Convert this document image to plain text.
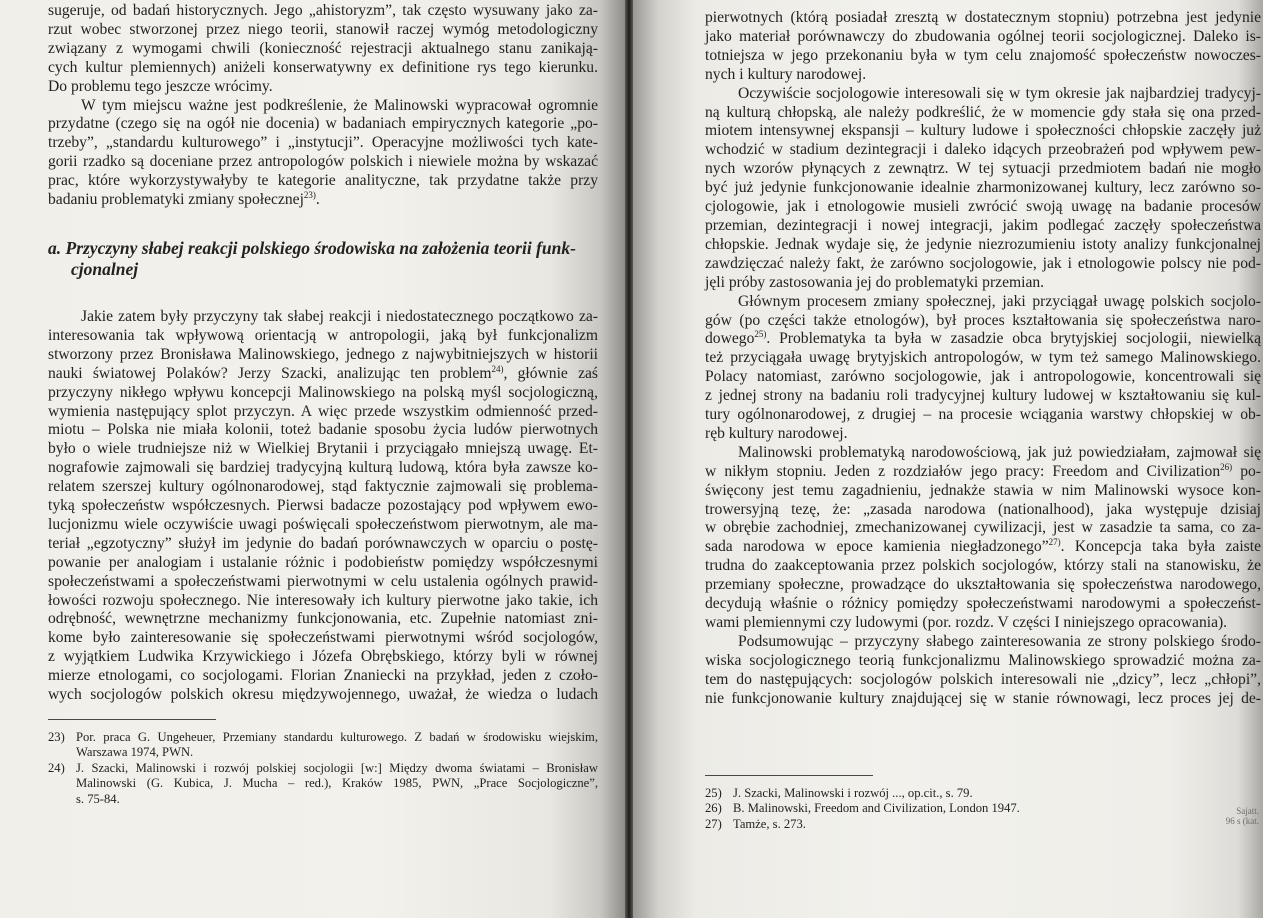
sugeruje, od badań historycznych. Jego „ahistoryzm”, tak często wysuwany jako za-
rzut wobec stworzonej przez niego teorii, stanowił raczej wymóg metodologiczny
związany z wymogami chwili (konieczność rejestracji aktualnego stanu zanikają-
cych kultur plemiennych) aniżeli konserwatywny ex definitione rys tego kierunku.
Do problemu tego jeszcze wrócimy.
W tym miejscu ważne jest podkreślenie, że Malinowski wypracował ogromnie
przydatne (czego się na ogół nie docenia) w badaniach empirycznych kategorie „po-
trzeby”, „standardu kulturowego” i „instytucji”. Operacyjne możliwości tych kate-
gorii rzadko są doceniane przez antropologów polskich i niewiele można by wskazać
prac, które wykorzystywałyby te kategorie analityczne, tak przydatne także przy
badaniu problematyki zmiany społecznej$^{23)}$.
a. Przyczyny słabej reakcji polskiego środowiska na założenia teorii funk-
cjonalnej
Jakie zatem były przyczyny tak słabej reakcji i niedostatecznego początkowo za-
interesowania tak wpływową orientacją w antropologii, jaką był funkcjonalizm
stworzony przez Bronisława Malinowskiego, jednego z najwybitniejszych w historii
nauki światowej Polaków? Jerzy Szacki, analizując ten problem$^{24)}$, głównie zaś
przyczyny nikłego wpływu koncepcji Malinowskiego na polską myśl socjologiczną,
wymienia następujący splot przyczyn. A więc przede wszystkim odmienność przed-
miotu – Polska nie miała kolonii, toteż badanie sposobu życia ludów pierwotnych
było o wiele trudniejsze niż w Wielkiej Brytanii i przyciągało mniejszą uwagę. Et-
nografowie zajmowali się bardziej tradycyjną kulturą ludową, która była zawsze ko-
relatem szerszej kultury ogólnonarodowej, stąd faktycznie zajmowali się problema-
tyką społeczeństw współczesnych. Pierwsi badacze pozostający pod wpływem ewo-
lucjonizmu wiele oczywiście uwagi poświęcali społeczeństwom pierwotnym, ale ma-
teriał „egzotyczny” służył im jedynie do badań porównawczych w oparciu o postę-
powanie per analogiam i ustalanie różnic i podobieństw pomiędzy współczesnymi
społeczeństwami a społeczeństwami pierwotnymi w celu ustalenia ogólnych prawid-
łowości rozwoju społecznego. Nie interesowały ich kultury pierwotne jako takie, ich
odrębność, wewnętrzne mechanizmy funkcjonowania, etc. Zupełnie natomiast zni-
kome było zainteresowanie się społeczeństwami pierwotnymi wśród socjologów,
z wyjątkiem Ludwika Krzywickiego i Józefa Obrębskiego, którzy byli w równej
mierze etnologami, co socjologami. Florian Znaniecki na przykład, jeden z czoło-
wych socjologów polskich okresu międzywojennego, uważał, że wiedza o ludach
23) Por. praca G. Ungeheuer, Przemiany standardu kulturowego. Z badań w środowisku wiejskim,
Warszawa 1974, PWN.
24) J. Szacki, Malinowski i rozwój polskiej socjologii [w:] Między dwoma światami – Bronisław
Malinowski (G. Kubica, J. Mucha – red.), Kraków 1985, PWN, „Prace Socjologiczne”,
s. 75-84.
pierwotnych (którą posiadał zresztą w dostatecznym stopniu) potrzebna jest jedynie
jako materiał porównawczy do zbudowania ogólnej teorii socjologicznej. Daleko is-
totniejsza w jego przekonaniu była w tym celu znajomość społeczeństw nowoczes-
nych i kultury narodowej.
Oczywiście socjologowie interesowali się w tym okresie jak najbardziej tradycyj-
ną kulturą chłopską, ale należy podkreślić, że w momencie gdy stała się ona przed-
miotem intensywnej ekspansji – kultury ludowe i społeczności chłopskie zaczęły już
wchodzić w stadium dezintegracji i daleko idących przeobrażeń pod wpływem pew-
nych wzorów płynących z zewnątrz. W tej sytuacji przedmiotem badań nie mogło
być już jedynie funkcjonowanie idealnie zharmonizowanej kultury, lecz zarówno so-
cjologowie, jak i etnologowie musieli zwrócić swoją uwagę na badanie procesów
przemian, dezintegracji i nowej integracji, jakim podlegać zaczęły społeczeństwa
chłopskie. Jednak wydaje się, że jedynie niezrozumieniu istoty analizy funkcjonalnej
zawdzięczać należy fakt, że zarówno socjologowie, jak i etnologowie polscy nie pod-
jęli próby zastosowania jej do problematyki przemian.
Głównym procesem zmiany społecznej, jaki przyciągał uwagę polskich socjolo-
gów (po części także etnologów), był proces kształtowania się społeczeństwa naro-
dowego$^{25)}$. Problematyka ta była w zasadzie obca brytyjskiej socjologii, niewielką
też przyciągała uwagę brytyjskich antropologów, w tym też samego Malinowskiego.
Polacy natomiast, zarówno socjologowie, jak i antropologowie, koncentrowali się
z jednej strony na badaniu roli tradycyjnej kultury ludowej w kształtowaniu się kul-
tury ogólnonarodowej, z drugiej – na procesie wciągania warstwy chłopskiej w ob-
ręb kultury narodowej.
Malinowski problematyką narodowościową, jak już powiedziałam, zajmował się
w nikłym stopniu. Jeden z rozdziałów jego pracy: Freedom and Civilization$^{26)}$ po-
święcony jest temu zagadnieniu, jednakże stawia w nim Malinowski wysoce kon-
trowersyjną tezę, że: „zasada narodowa (nationalhood), jaka występuje dzisiaj
w obrębie zachodniej, zmechanizowanej cywilizacji, jest w zasadzie ta sama, co za-
sada narodowa w epoce kamienia niegładzonego”$^{27)}$. Koncepcja taka była zaiste
trudna do zaakceptowania przez polskich socjologów, którzy stali na stanowisku, że
przemiany społeczne, prowadzące do ukształtowania się społeczeństwa narodowego,
decydują właśnie o różnicy pomiędzy społeczeństwami narodowymi a społeczeńst-
wami plemiennymi czy ludowymi (por. rozdz. V części I niniejszego opracowania).
Podsumowując – przyczyny słabego zainteresowania ze strony polskiego środo-
wiska socjologicznego teorią funkcjonalizmu Malinowskiego sprowadzić można za-
tem do następujących: socjologów polskich interesowali nie „dzicy”, lecz „chłopi”,
nie funkcjonowanie kultury znajdującej się w stanie równowagi, lecz proces jej de-
25) J. Szacki, Malinowski i rozwój ..., op.cit., s. 79.
26) B. Malinowski, Freedom and Civilization, London 1947.
27) Tamże, s. 273.
Sajatt.
96 s (kat.
